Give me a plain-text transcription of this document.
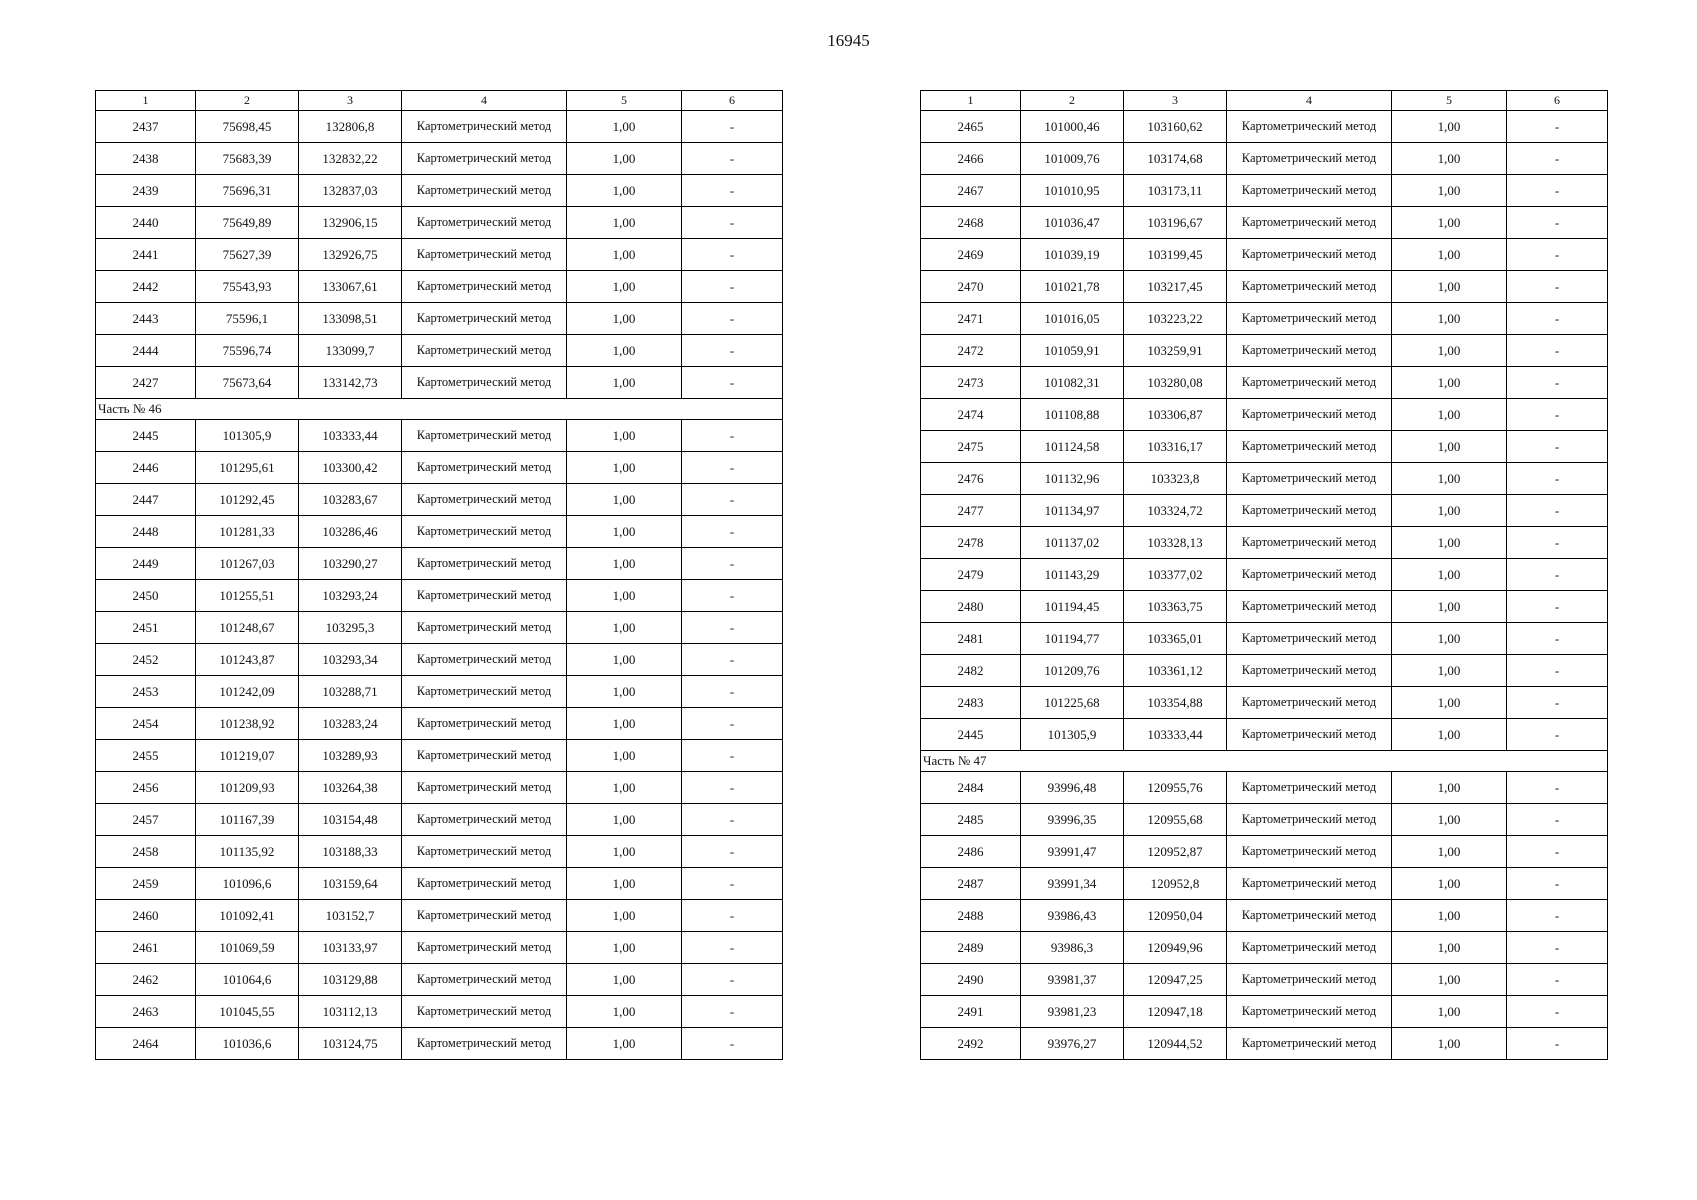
16945
1	2	3	4	5	6
2437	75698,45	132806,8	Картометрический метод	1,00	-
2438	75683,39	132832,22	Картометрический метод	1,00	-
2439	75696,31	132837,03	Картометрический метод	1,00	-
2440	75649,89	132906,15	Картометрический метод	1,00	-
2441	75627,39	132926,75	Картометрический метод	1,00	-
2442	75543,93	133067,61	Картометрический метод	1,00	-
2443	75596,1	133098,51	Картометрический метод	1,00	-
2444	75596,74	133099,7	Картометрический метод	1,00	-
2427	75673,64	133142,73	Картометрический метод	1,00	-
Часть № 46					
2445	101305,9	103333,44	Картометрический метод	1,00	-
2446	101295,61	103300,42	Картометрический метод	1,00	-
2447	101292,45	103283,67	Картометрический метод	1,00	-
2448	101281,33	103286,46	Картометрический метод	1,00	-
2449	101267,03	103290,27	Картометрический метод	1,00	-
2450	101255,51	103293,24	Картометрический метод	1,00	-
2451	101248,67	103295,3	Картометрический метод	1,00	-
2452	101243,87	103293,34	Картометрический метод	1,00	-
2453	101242,09	103288,71	Картометрический метод	1,00	-
2454	101238,92	103283,24	Картометрический метод	1,00	-
2455	101219,07	103289,93	Картометрический метод	1,00	-
2456	101209,93	103264,38	Картометрический метод	1,00	-
2457	101167,39	103154,48	Картометрический метод	1,00	-
2458	101135,92	103188,33	Картометрический метод	1,00	-
2459	101096,6	103159,64	Картометрический метод	1,00	-
2460	101092,41	103152,7	Картометрический метод	1,00	-
2461	101069,59	103133,97	Картометрический метод	1,00	-
2462	101064,6	103129,88	Картометрический метод	1,00	-
2463	101045,55	103112,13	Картометрический метод	1,00	-
2464	101036,6	103124,75	Картометрический метод	1,00	-
1	2	3	4	5	6
2465	101000,46	103160,62	Картометрический метод	1,00	-
2466	101009,76	103174,68	Картометрический метод	1,00	-
2467	101010,95	103173,11	Картометрический метод	1,00	-
2468	101036,47	103196,67	Картометрический метод	1,00	-
2469	101039,19	103199,45	Картометрический метод	1,00	-
2470	101021,78	103217,45	Картометрический метод	1,00	-
2471	101016,05	103223,22	Картометрический метод	1,00	-
2472	101059,91	103259,91	Картометрический метод	1,00	-
2473	101082,31	103280,08	Картометрический метод	1,00	-
2474	101108,88	103306,87	Картометрический метод	1,00	-
2475	101124,58	103316,17	Картометрический метод	1,00	-
2476	101132,96	103323,8	Картометрический метод	1,00	-
2477	101134,97	103324,72	Картометрический метод	1,00	-
2478	101137,02	103328,13	Картометрический метод	1,00	-
2479	101143,29	103377,02	Картометрический метод	1,00	-
2480	101194,45	103363,75	Картометрический метод	1,00	-
2481	101194,77	103365,01	Картометрический метод	1,00	-
2482	101209,76	103361,12	Картометрический метод	1,00	-
2483	101225,68	103354,88	Картометрический метод	1,00	-
2445	101305,9	103333,44	Картометрический метод	1,00	-
Часть № 47					
2484	93996,48	120955,76	Картометрический метод	1,00	-
2485	93996,35	120955,68	Картометрический метод	1,00	-
2486	93991,47	120952,87	Картометрический метод	1,00	-
2487	93991,34	120952,8	Картометрический метод	1,00	-
2488	93986,43	120950,04	Картометрический метод	1,00	-
2489	93986,3	120949,96	Картометрический метод	1,00	-
2490	93981,37	120947,25	Картометрический метод	1,00	-
2491	93981,23	120947,18	Картометрический метод	1,00	-
2492	93976,27	120944,52	Картометрический метод	1,00	-
